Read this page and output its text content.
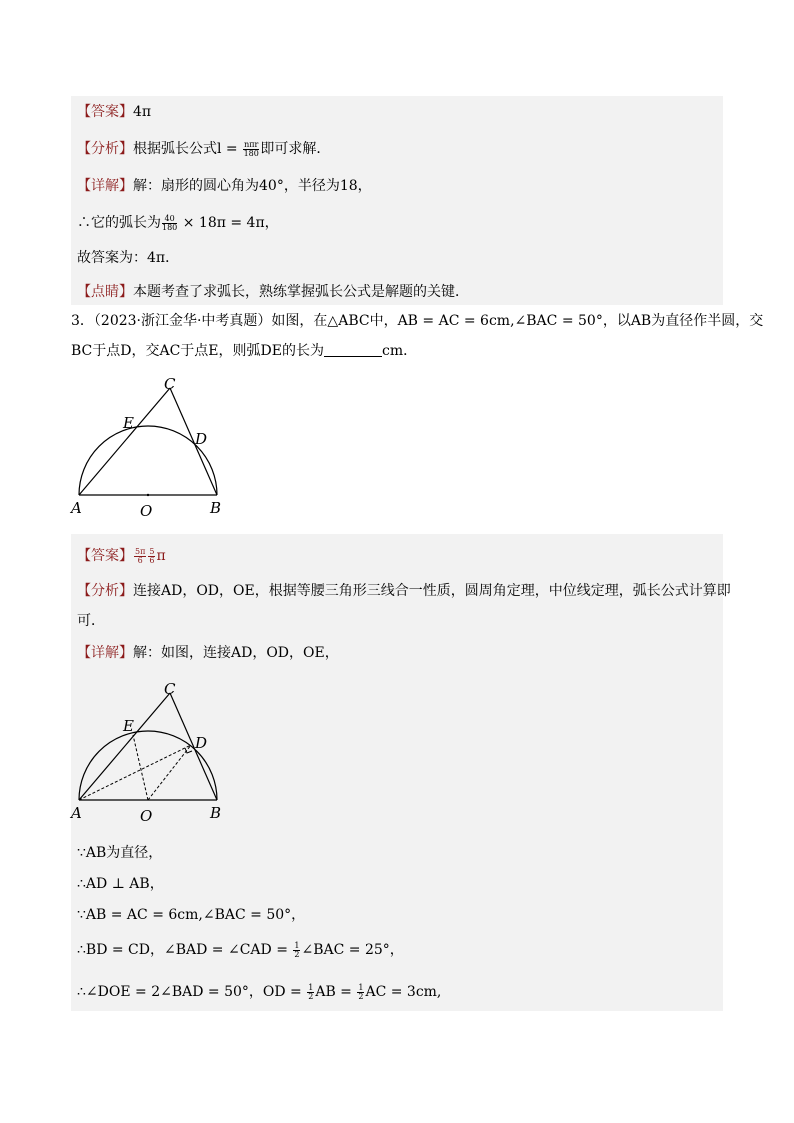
【答案】4π
【分析】根据弧长公式$l = \frac{\text{nπr}}{180}$ 即可求解．
【详解】解：扇形的圆心角为40°，半径为18，
∴它的弧长为 $\frac{40}{180} \times 18\pi = 4\pi$，
故答案为：4π．
【点睛】本题考查了求弧长，熟练掌握弧长公式是解题的关键．
3．（2023·浙江金华·中考真题）如图，在△ABC中，AB = AC = 6cm,∠BAC = 50°，以AB为直径作半圆，交
BC于点D，交AC于点E，则弧DE的长为	cm．
C
E
D
A	O	B
【答案】 $\frac{5\pi}{6} \frac{5}{6}$ π
【分析】连接AD，OD，OE，根据等腰三角形三线合一性质，圆周角定理，中位线定理，弧长公式计算即
可．
【详解】解：如图，连接AD，OD，OE，
C
E
D
A	O	B
∵AB为直径，
∴AD ⊥ AB，
∵AB = AC = 6cm,∠BAC = 50°，
∴BD = CD，∠BAD = ∠CAD = $\frac{1}{2}$ ∠BAC = 25°，
∴∠DOE = 2∠BAD = 50°，OD = $\frac{1}{2}$ AB = $\frac{1}{2}$ AC = 3cm,
